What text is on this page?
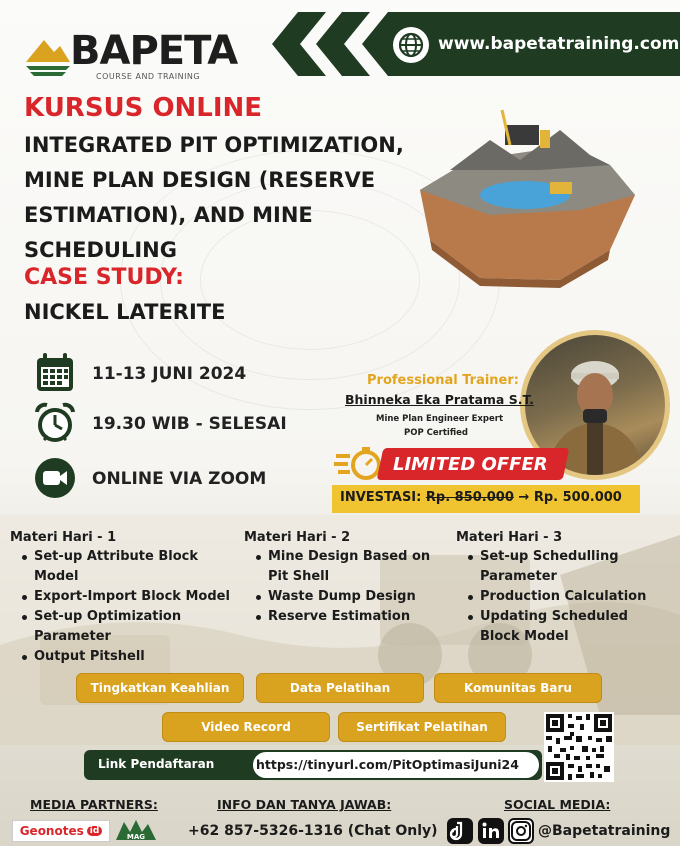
BAPETA
COURSE AND TRAINING
www.bapetatraining.com
KURSUS ONLINE
INTEGRATED PIT OPTIMIZATION,
MINE PLAN DESIGN (RESERVE
ESTIMATION), AND MINE
SCHEDULING
CASE STUDY:
NICKEL LATERITE
11-13 JUNI 2024
19.30 WIB - SELESAI
ONLINE VIA ZOOM
Professional Trainer:
Bhinneka Eka Pratama S.T.
Mine Plan Engineer Expert
POP Certified
LIMITED OFFER
INVESTASI: Rp. 850.000 → Rp. 500.000
Materi Hari - 1
Set-up Attribute Block Model
Export-Import Block Model
Set-up Optimization Parameter
Output Pitshell
Materi Hari - 2
Mine Design Based on Pit Shell
Waste Dump Design
Reserve Estimation
Materi Hari - 3
Set-up Schedulling Parameter
Production Calculation
Updating Scheduled Block Model
Tingkatkan Keahlian	Data Pelatihan	Komunitas Baru
Video Record	Sertifikat Pelatihan
Link Pendaftaran	https://tinyurl.com/PitOptimasiJuni24
MEDIA PARTNERS:	INFO DAN TANYA JAWAB:	SOCIAL MEDIA:
Geonotes id
MAG	+62 857-5326-1316 (Chat Only)	@Bapetatraining
